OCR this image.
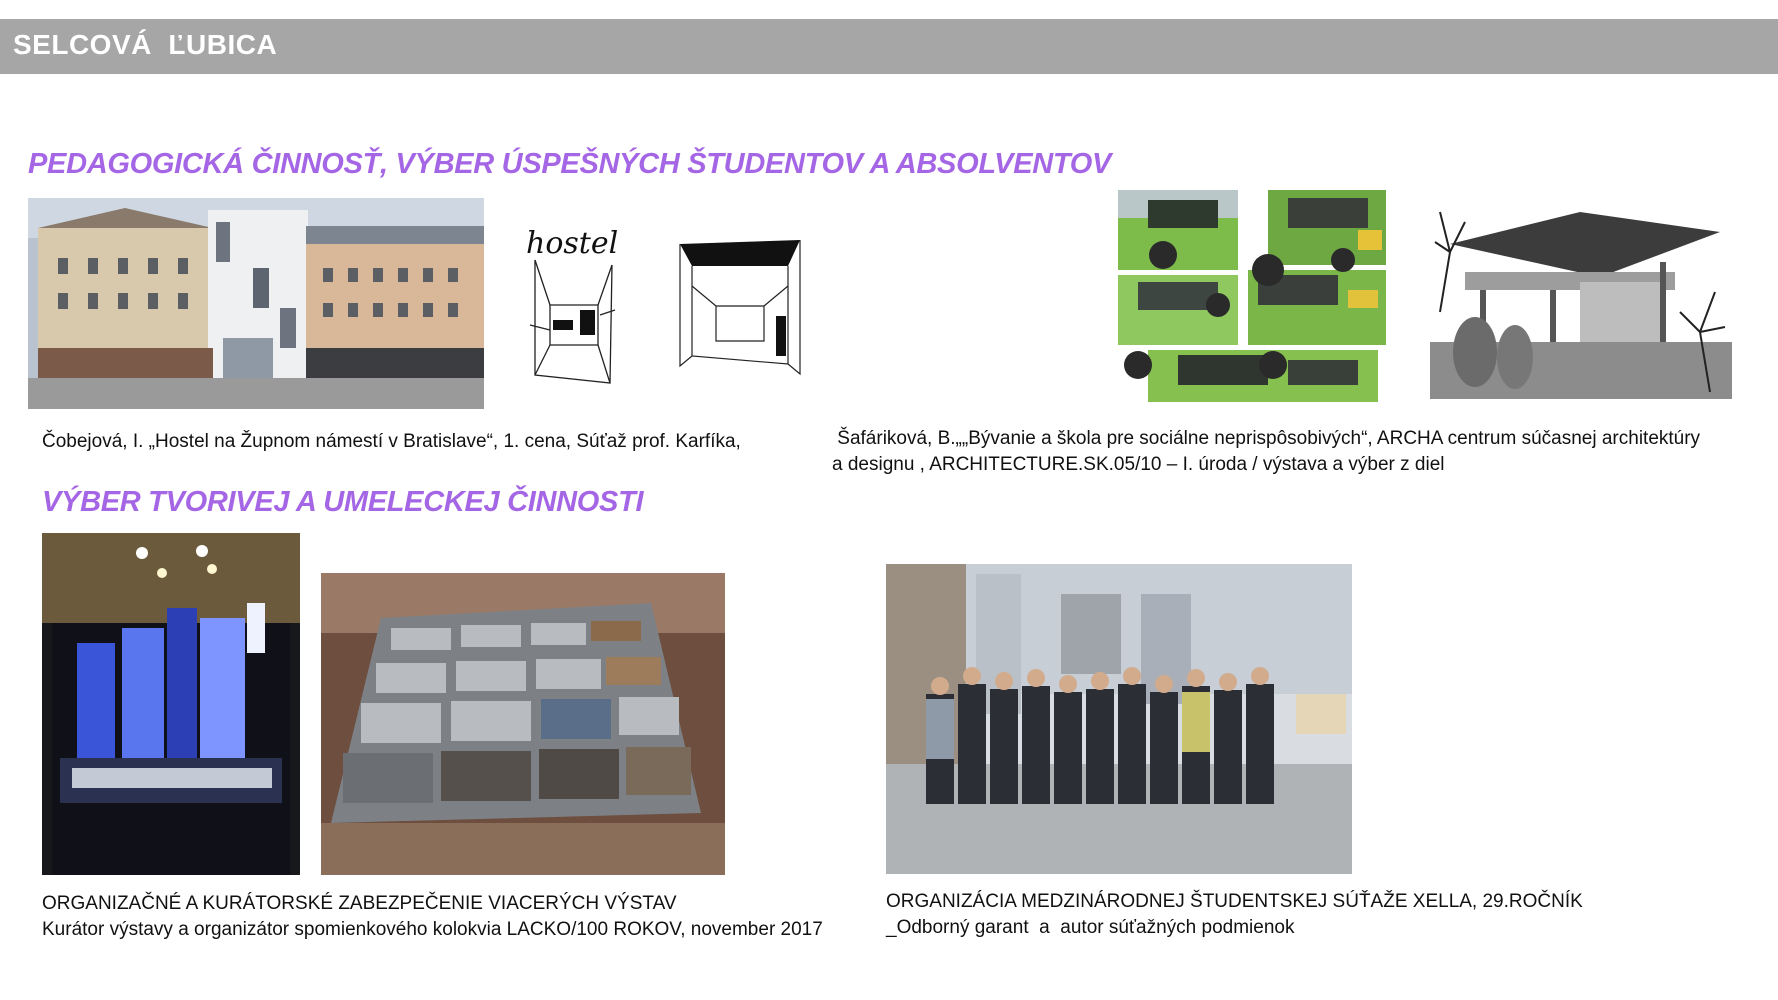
SELCOVÁ  ĽUBICA
PEDAGOGICKÁ ČINNOSŤ, VÝBER ÚSPEŠNÝCH ŠTUDENTOV A ABSOLVENTOV
hostel
Čobejová, I. „Hostel na Župnom námestí v Bratislave“, 1. cena, Súťaž prof. Karfíka,	Šafáriková, B.„„Bývanie a škola pre sociálne neprispôsobivých“, ARCHA centrum súčasnej architektúry
a designu , ARCHITECTURE.SK.05/10 – I. úroda / výstava a výber z diel
VÝBER TVORIVEJ A UMELECKEJ ČINNOSTI
ORGANIZAČNÉ A KURÁTORSKÉ ZABEZPEČENIE VIACERÝCH VÝSTAV
Kurátor výstavy a organizátor spomienkového kolokvia LACKO/100 ROKOV, november 2017
ORGANIZÁCIA MEDZINÁRODNEJ ŠTUDENTSKEJ SÚŤAŽE XELLA, 29.ROČNÍK
_Odborný garant  a  autor súťažných podmienok
